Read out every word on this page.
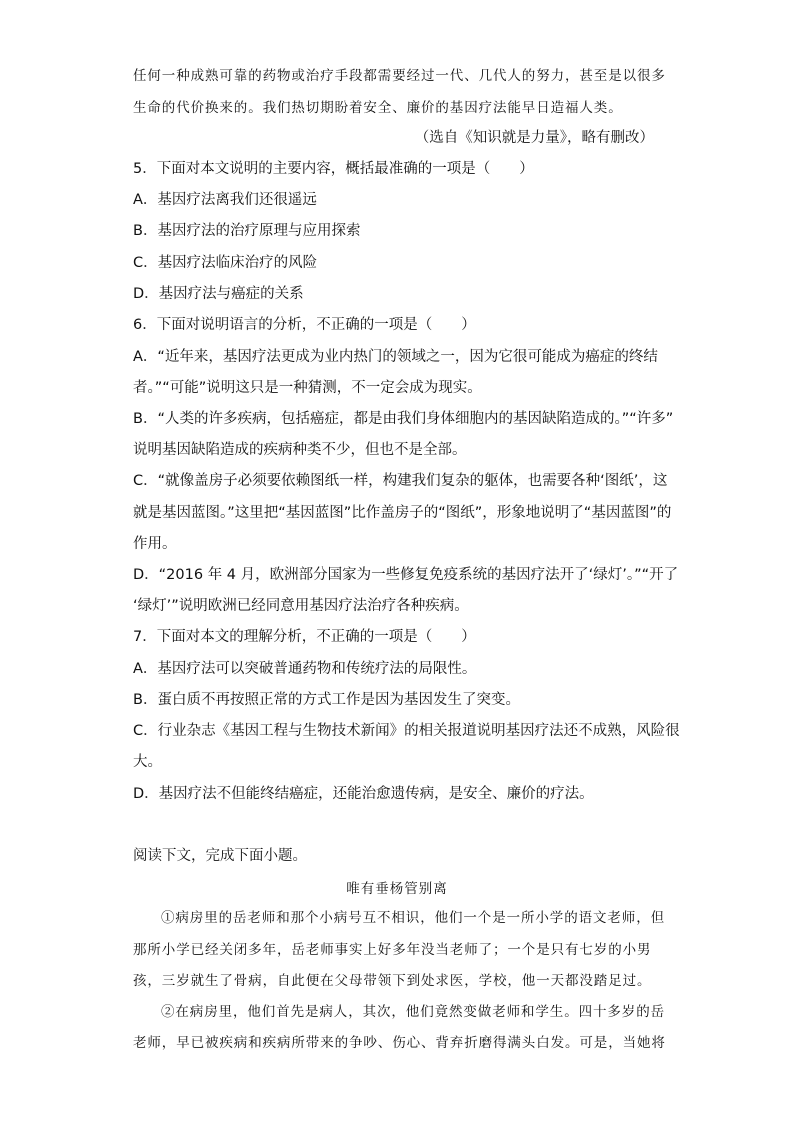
任何一种成熟可靠的药物或治疗手段都需要经过一代、几代人的努力，甚至是以很多
生命的代价换来的。我们热切期盼着安全、廉价的基因疗法能早日造福人类。
（选自《知识就是力量》，略有删改）
5．下面对本文说明的主要内容，概括最准确的一项是（　　）
A．基因疗法离我们还很遥远
B．基因疗法的治疗原理与应用探索
C．基因疗法临床治疗的风险
D．基因疗法与癌症的关系
6．下面对说明语言的分析，不正确的一项是（　　）
A．“近年来，基因疗法更成为业内热门的领域之一，因为它很可能成为癌症的终结
者。”“可能”说明这只是一种猜测，不一定会成为现实。
B．“人类的许多疾病，包括癌症，都是由我们身体细胞内的基因缺陷造成的。”“许多”
说明基因缺陷造成的疾病种类不少，但也不是全部。
C．“就像盖房子必须要依赖图纸一样，构建我们复杂的躯体，也需要各种‘图纸’，这
就是基因蓝图。”这里把“基因蓝图”比作盖房子的“图纸”，形象地说明了“基因蓝图”的
作用。
D．“2016 年 4 月，欧洲部分国家为一些修复免疫系统的基因疗法开了‘绿灯’。”“开了
‘绿灯’”说明欧洲已经同意用基因疗法治疗各种疾病。
7．下面对本文的理解分析，不正确的一项是（　　）
A．基因疗法可以突破普通药物和传统疗法的局限性。
B．蛋白质不再按照正常的方式工作是因为基因发生了突变。
C．行业杂志《基因工程与生物技术新闻》的相关报道说明基因疗法还不成熟，风险很
大。
D．基因疗法不但能终结癌症，还能治愈遗传病，是安全、廉价的疗法。
阅读下文，完成下面小题。
唯有垂杨管别离
①病房里的岳老师和那个小病号互不相识，他们一个是一所小学的语文老师，但
那所小学已经关闭多年，岳老师事实上好多年没当老师了；一个是只有七岁的小男
孩，三岁就生了骨病，自此便在父母带领下到处求医，学校，他一天都没踏足过。
②在病房里，他们首先是病人，其次，他们竟然变做老师和学生。四十多岁的岳
老师，早已被疾病和疾病所带来的争吵、伤心、背弃折磨得满头白发。可是，当她将
